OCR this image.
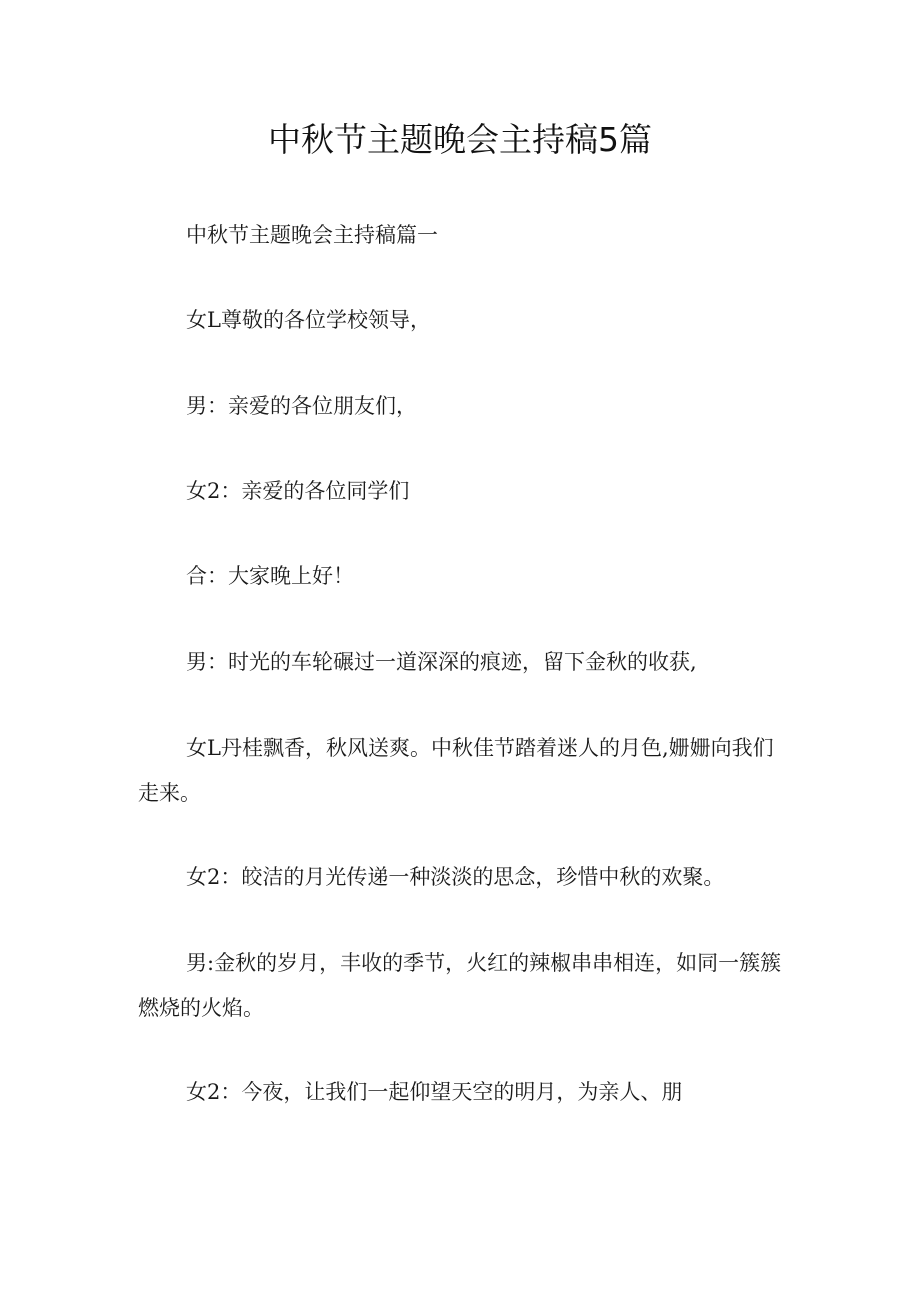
中秋节主题晚会主持稿5篇

中秋节主题晚会主持稿篇一

女L尊敬的各位学校领导，

男：亲爱的各位朋友们，

女2：亲爱的各位同学们

合：大家晚上好！

男：时光的车轮碾过一道深深的痕迹，留下金秋的收获,

女L丹桂飘香，秋风送爽。中秋佳节踏着迷人的月色,姗姗向我们走来。

女2：皎洁的月光传递一种淡淡的思念，珍惜中秋的欢聚。

男:金秋的岁月，丰收的季节，火红的辣椒串串相连，如同一簇簇燃烧的火焰。

女2：今夜，让我们一起仰望天空的明月，为亲人、朋
